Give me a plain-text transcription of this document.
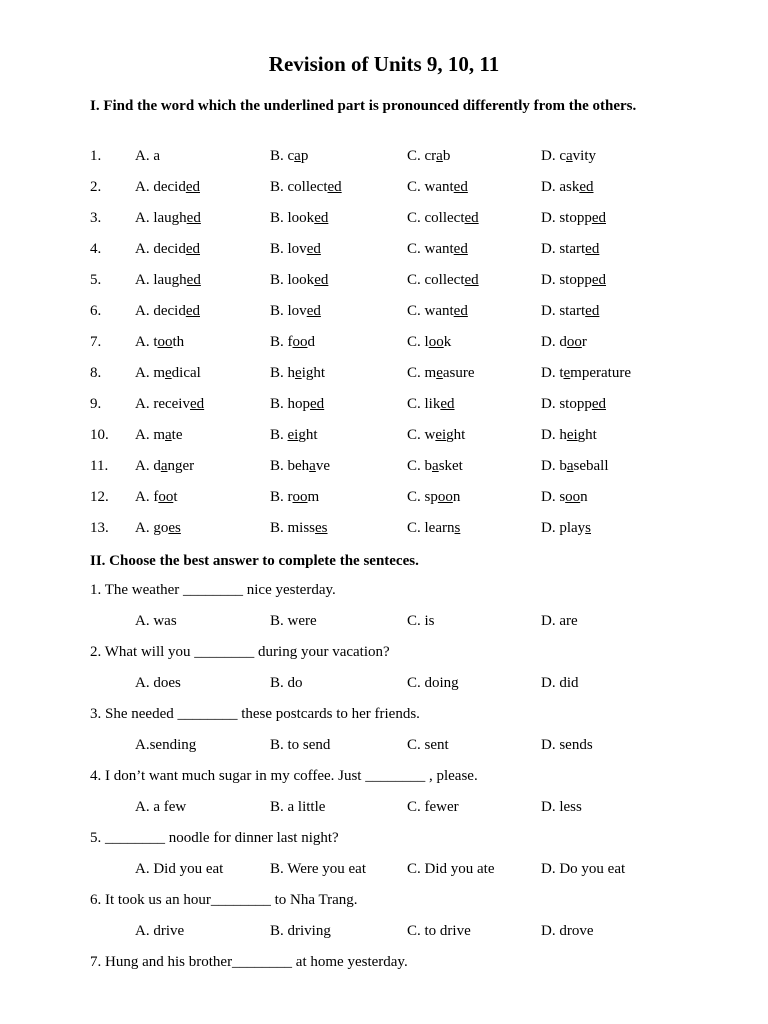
Revision of Units 9, 10, 11
I. Find the word which the underlined part is pronounced differently from the others.
1. A. a	B. cap	C. crab	D. cavity
2. A. decided	B. collected	C. wanted	D. asked
3. A. laughed	B. looked	C. collected	D. stopped
4. A. decided	B. loved	C. wanted	D. started
5. A. laughed	B. looked	C. collected	D. stopped
6. A. decided	B. loved	C. wanted	D. started
7. A. tooth	B. food	C. look	D. door
8. A. medical	B. height	C. measure	D. temperature
9. A. received	B. hoped	C. liked	D. stopped
10. A. mate	B. eight	C. weight	D. height
11. A. danger	B. behave	C. basket	D. baseball
12. A. foot	B. room	C. spoon	D. soon
13. A. goes	B. misses	C. learns	D. plays
II. Choose the best answer to complete the senteces.
1. The weather ________ nice yesterday.
A. was	B. were	C. is	D. are
2. What will you ________ during your vacation?
A. does	B. do	C. doing	D. did
3. She needed ________ these postcards to her friends.
A.sending	B. to send	C. sent	D. sends
4. I don’t want much sugar in my coffee. Just ________ , please.
A. a few	B. a little	C. fewer	D. less
5. ________ noodle for dinner last night?
A. Did you eat	B. Were you eat	C. Did you ate	D. Do you eat
6. It took us an hour________ to Nha Trang.
A. drive	B. driving	C. to drive	D. drove
7. Hung and his brother________ at home yesterday.
